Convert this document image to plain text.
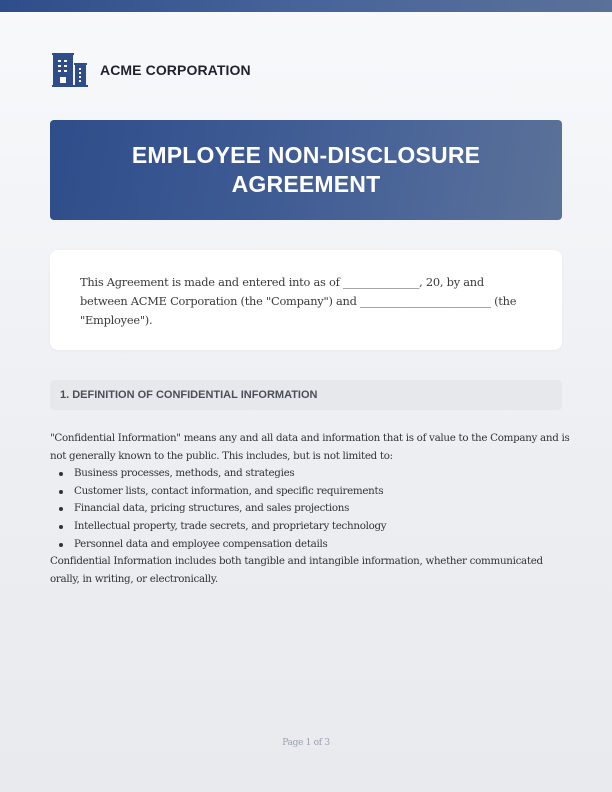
ACME CORPORATION
EMPLOYEE NON-DISCLOSURE AGREEMENT

This Agreement is made and entered into as of ______________, 20, by and between ACME Corporation (the "Company") and ________________________ (the "Employee").

1. DEFINITION OF CONFIDENTIAL INFORMATION

"Confidential Information" means any and all data and information that is of value to the Company and is not generally known to the public. This includes, but is not limited to:

Business processes, methods, and strategies
Customer lists, contact information, and specific requirements
Financial data, pricing structures, and sales projections
Intellectual property, trade secrets, and proprietary technology
Personnel data and employee compensation details

Confidential Information includes both tangible and intangible information, whether communicated orally, in writing, or electronically.

Page 1 of 3
